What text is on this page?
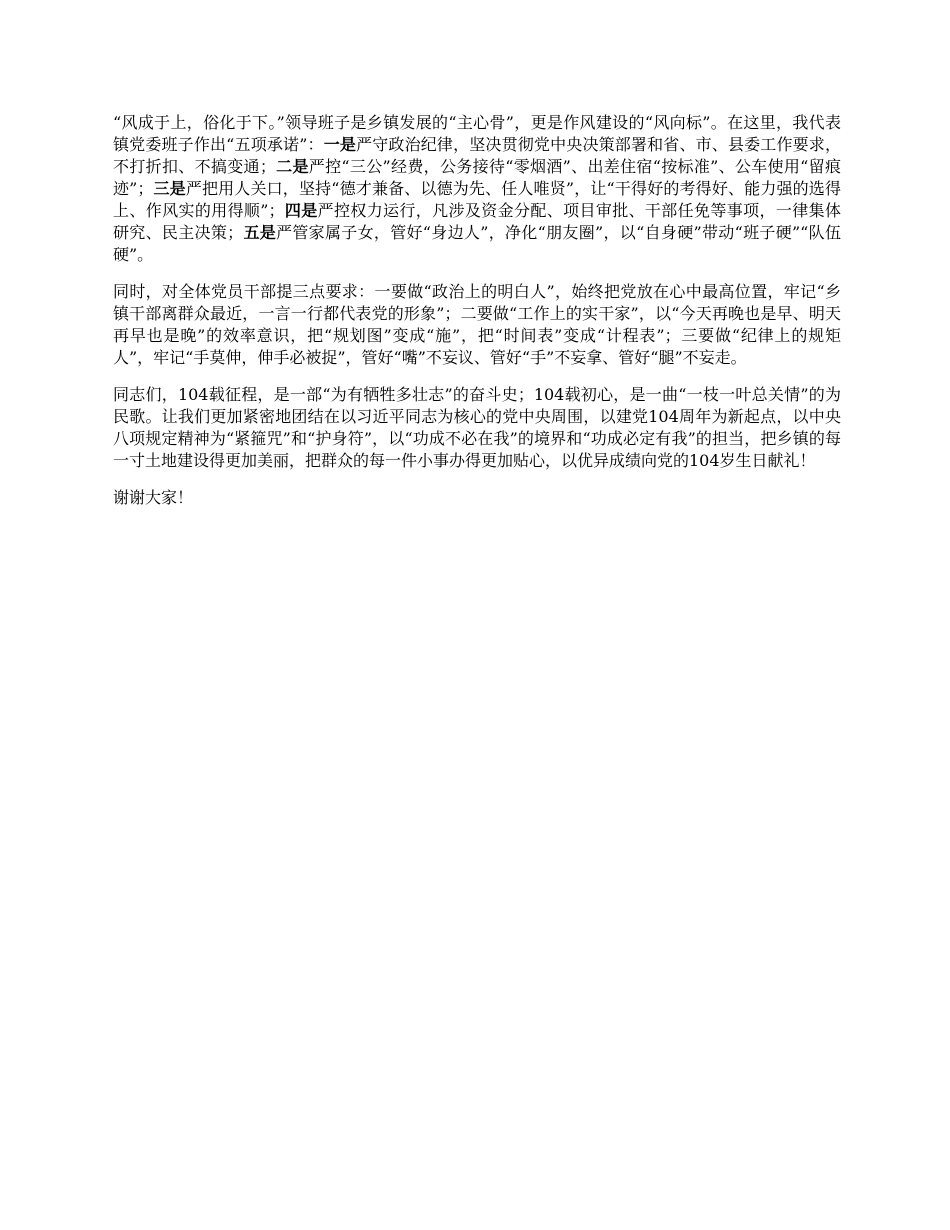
“风成于上，俗化于下。”领导班子是乡镇发展的“主心骨”，更是作风建设的“风向标”。在这里，我代表镇党委班子作出“五项承诺”：一是严守政治纪律，坚决贯彻党中央决策部署和省、市、县委工作要求，不打折扣、不搞变通；二是严控“三公”经费，公务接待“零烟酒”、出差住宿“按标准”、公车使用“留痕迹”；三是严把用人关口，坚持“德才兼备、以德为先、任人唯贤”，让“干得好的考得好、能力强的选得上、作风实的用得顺”；四是严控权力运行，凡涉及资金分配、项目审批、干部任免等事项，一律集体研究、民主决策；五是严管家属子女，管好“身边人”，净化“朋友圈”，以“自身硬”带动“班子硬”“队伍硬”。

同时，对全体党员干部提三点要求：一要做“政治上的明白人”，始终把党放在心中最高位置，牢记“乡镇干部离群众最近，一言一行都代表党的形象”；二要做“工作上的实干家”，以“今天再晚也是早、明天再早也是晚”的效率意识，把“规划图”变成“施”，把“时间表”变成“计程表”；三要做“纪律上的规矩人”，牢记“手莫伸，伸手必被捉”，管好“嘴”不妄议、管好“手”不妄拿、管好“腿”不妄走。

同志们，104载征程，是一部“为有牺牲多壮志”的奋斗史；104载初心，是一曲“一枝一叶总关情”的为民歌。让我们更加紧密地团结在以习近平同志为核心的党中央周围，以建党104周年为新起点，以中央八项规定精神为“紧箍咒”和“护身符”，以“功成不必在我”的境界和“功成必定有我”的担当，把乡镇的每一寸土地建设得更加美丽，把群众的每一件小事办得更加贴心，以优异成绩向党的104岁生日献礼！

谢谢大家！
